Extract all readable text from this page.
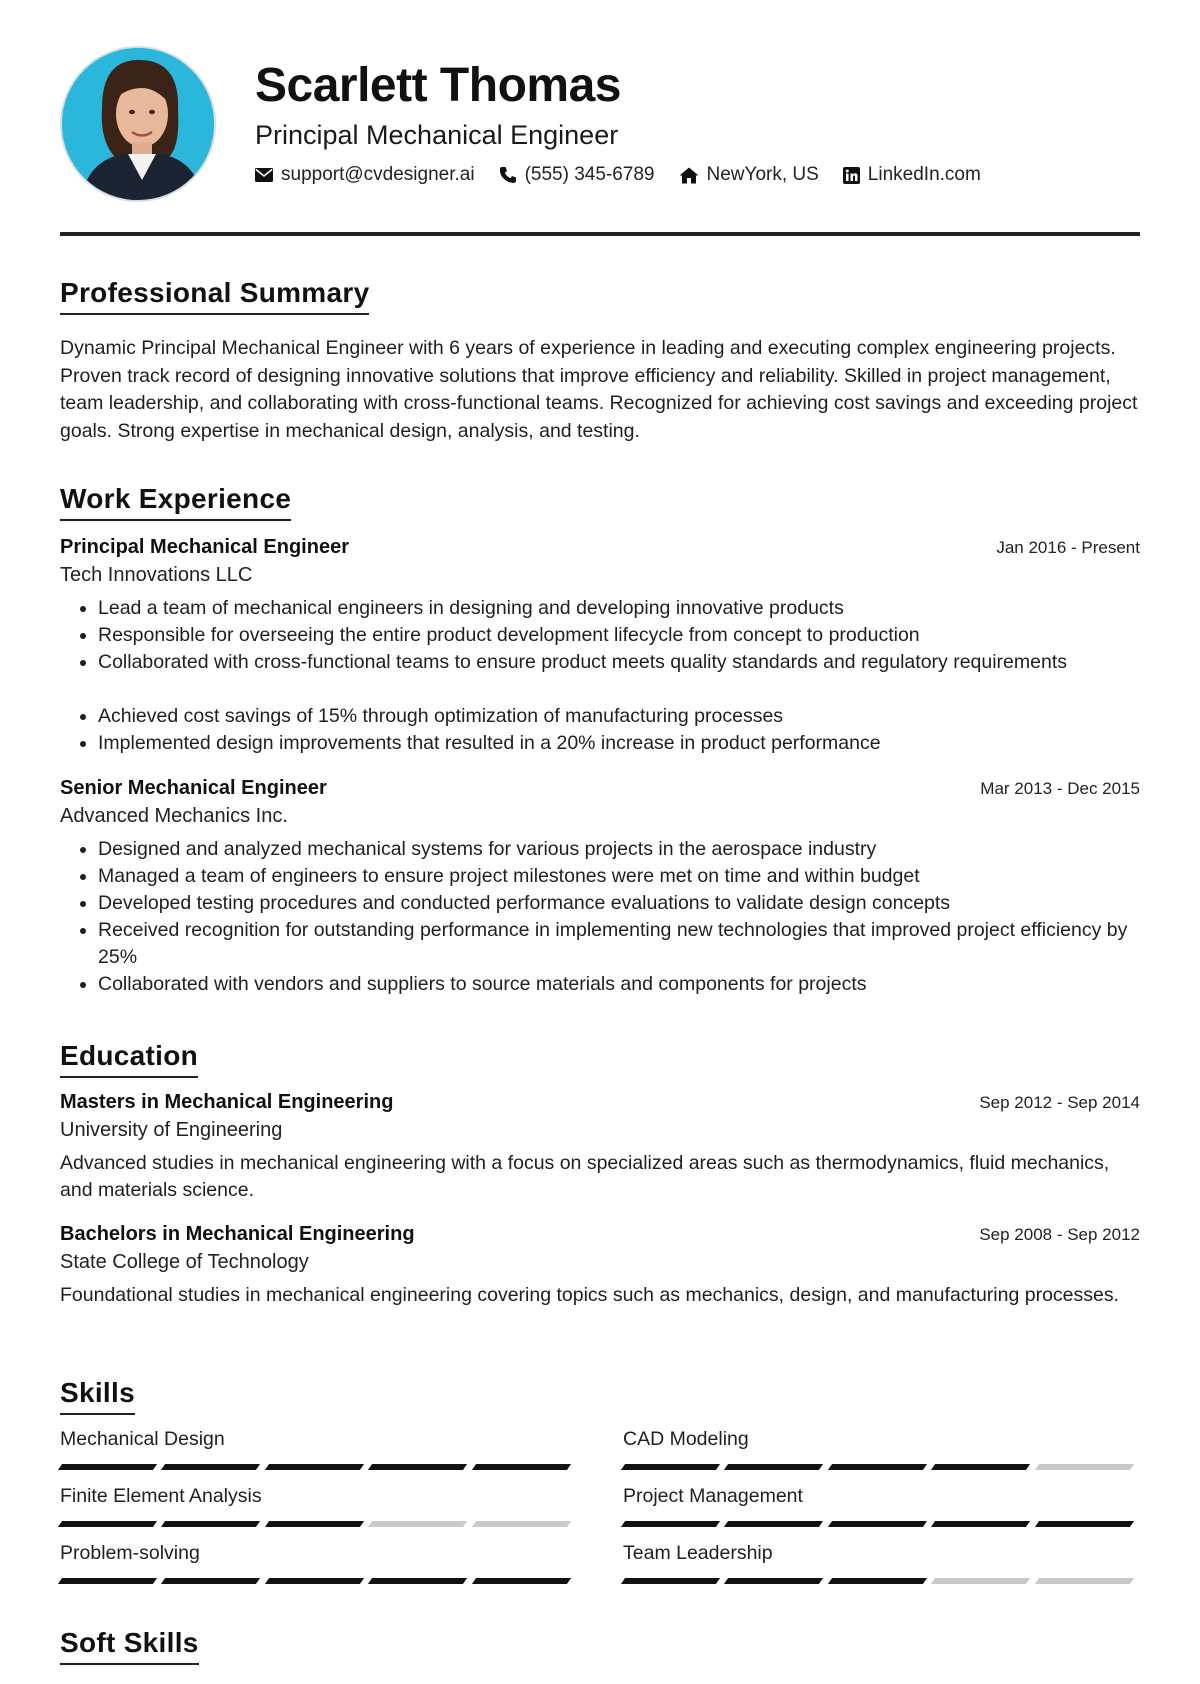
Scarlett Thomas
Principal Mechanical Engineer
support@cvdesigner.ai	(555) 345-6789	NewYork, US	LinkedIn.com
Professional Summary
Dynamic Principal Mechanical Engineer with 6 years of experience in leading and executing complex engineering projects. Proven track record of designing innovative solutions that improve efficiency and reliability. Skilled in project management, team leadership, and collaborating with cross-functional teams. Recognized for achieving cost savings and exceeding project goals. Strong expertise in mechanical design, analysis, and testing.
Work Experience
Principal Mechanical Engineer	Jan 2016 - Present
Tech Innovations LLC
• Lead a team of mechanical engineers in designing and developing innovative products
• Responsible for overseeing the entire product development lifecycle from concept to production
• Collaborated with cross-functional teams to ensure product meets quality standards and regulatory requirements
• Achieved cost savings of 15% through optimization of manufacturing processes
• Implemented design improvements that resulted in a 20% increase in product performance
Senior Mechanical Engineer	Mar 2013 - Dec 2015
Advanced Mechanics Inc.
• Designed and analyzed mechanical systems for various projects in the aerospace industry
• Managed a team of engineers to ensure project milestones were met on time and within budget
• Developed testing procedures and conducted performance evaluations to validate design concepts
• Received recognition for outstanding performance in implementing new technologies that improved project efficiency by 25%
• Collaborated with vendors and suppliers to source materials and components for projects
Education
Masters in Mechanical Engineering	Sep 2012 - Sep 2014
University of Engineering
Advanced studies in mechanical engineering with a focus on specialized areas such as thermodynamics, fluid mechanics, and materials science.
Bachelors in Mechanical Engineering	Sep 2008 - Sep 2012
State College of Technology
Foundational studies in mechanical engineering covering topics such as mechanics, design, and manufacturing processes.
Skills
Mechanical Design	CAD Modeling
Finite Element Analysis	Project Management
Problem-solving	Team Leadership
Soft Skills
